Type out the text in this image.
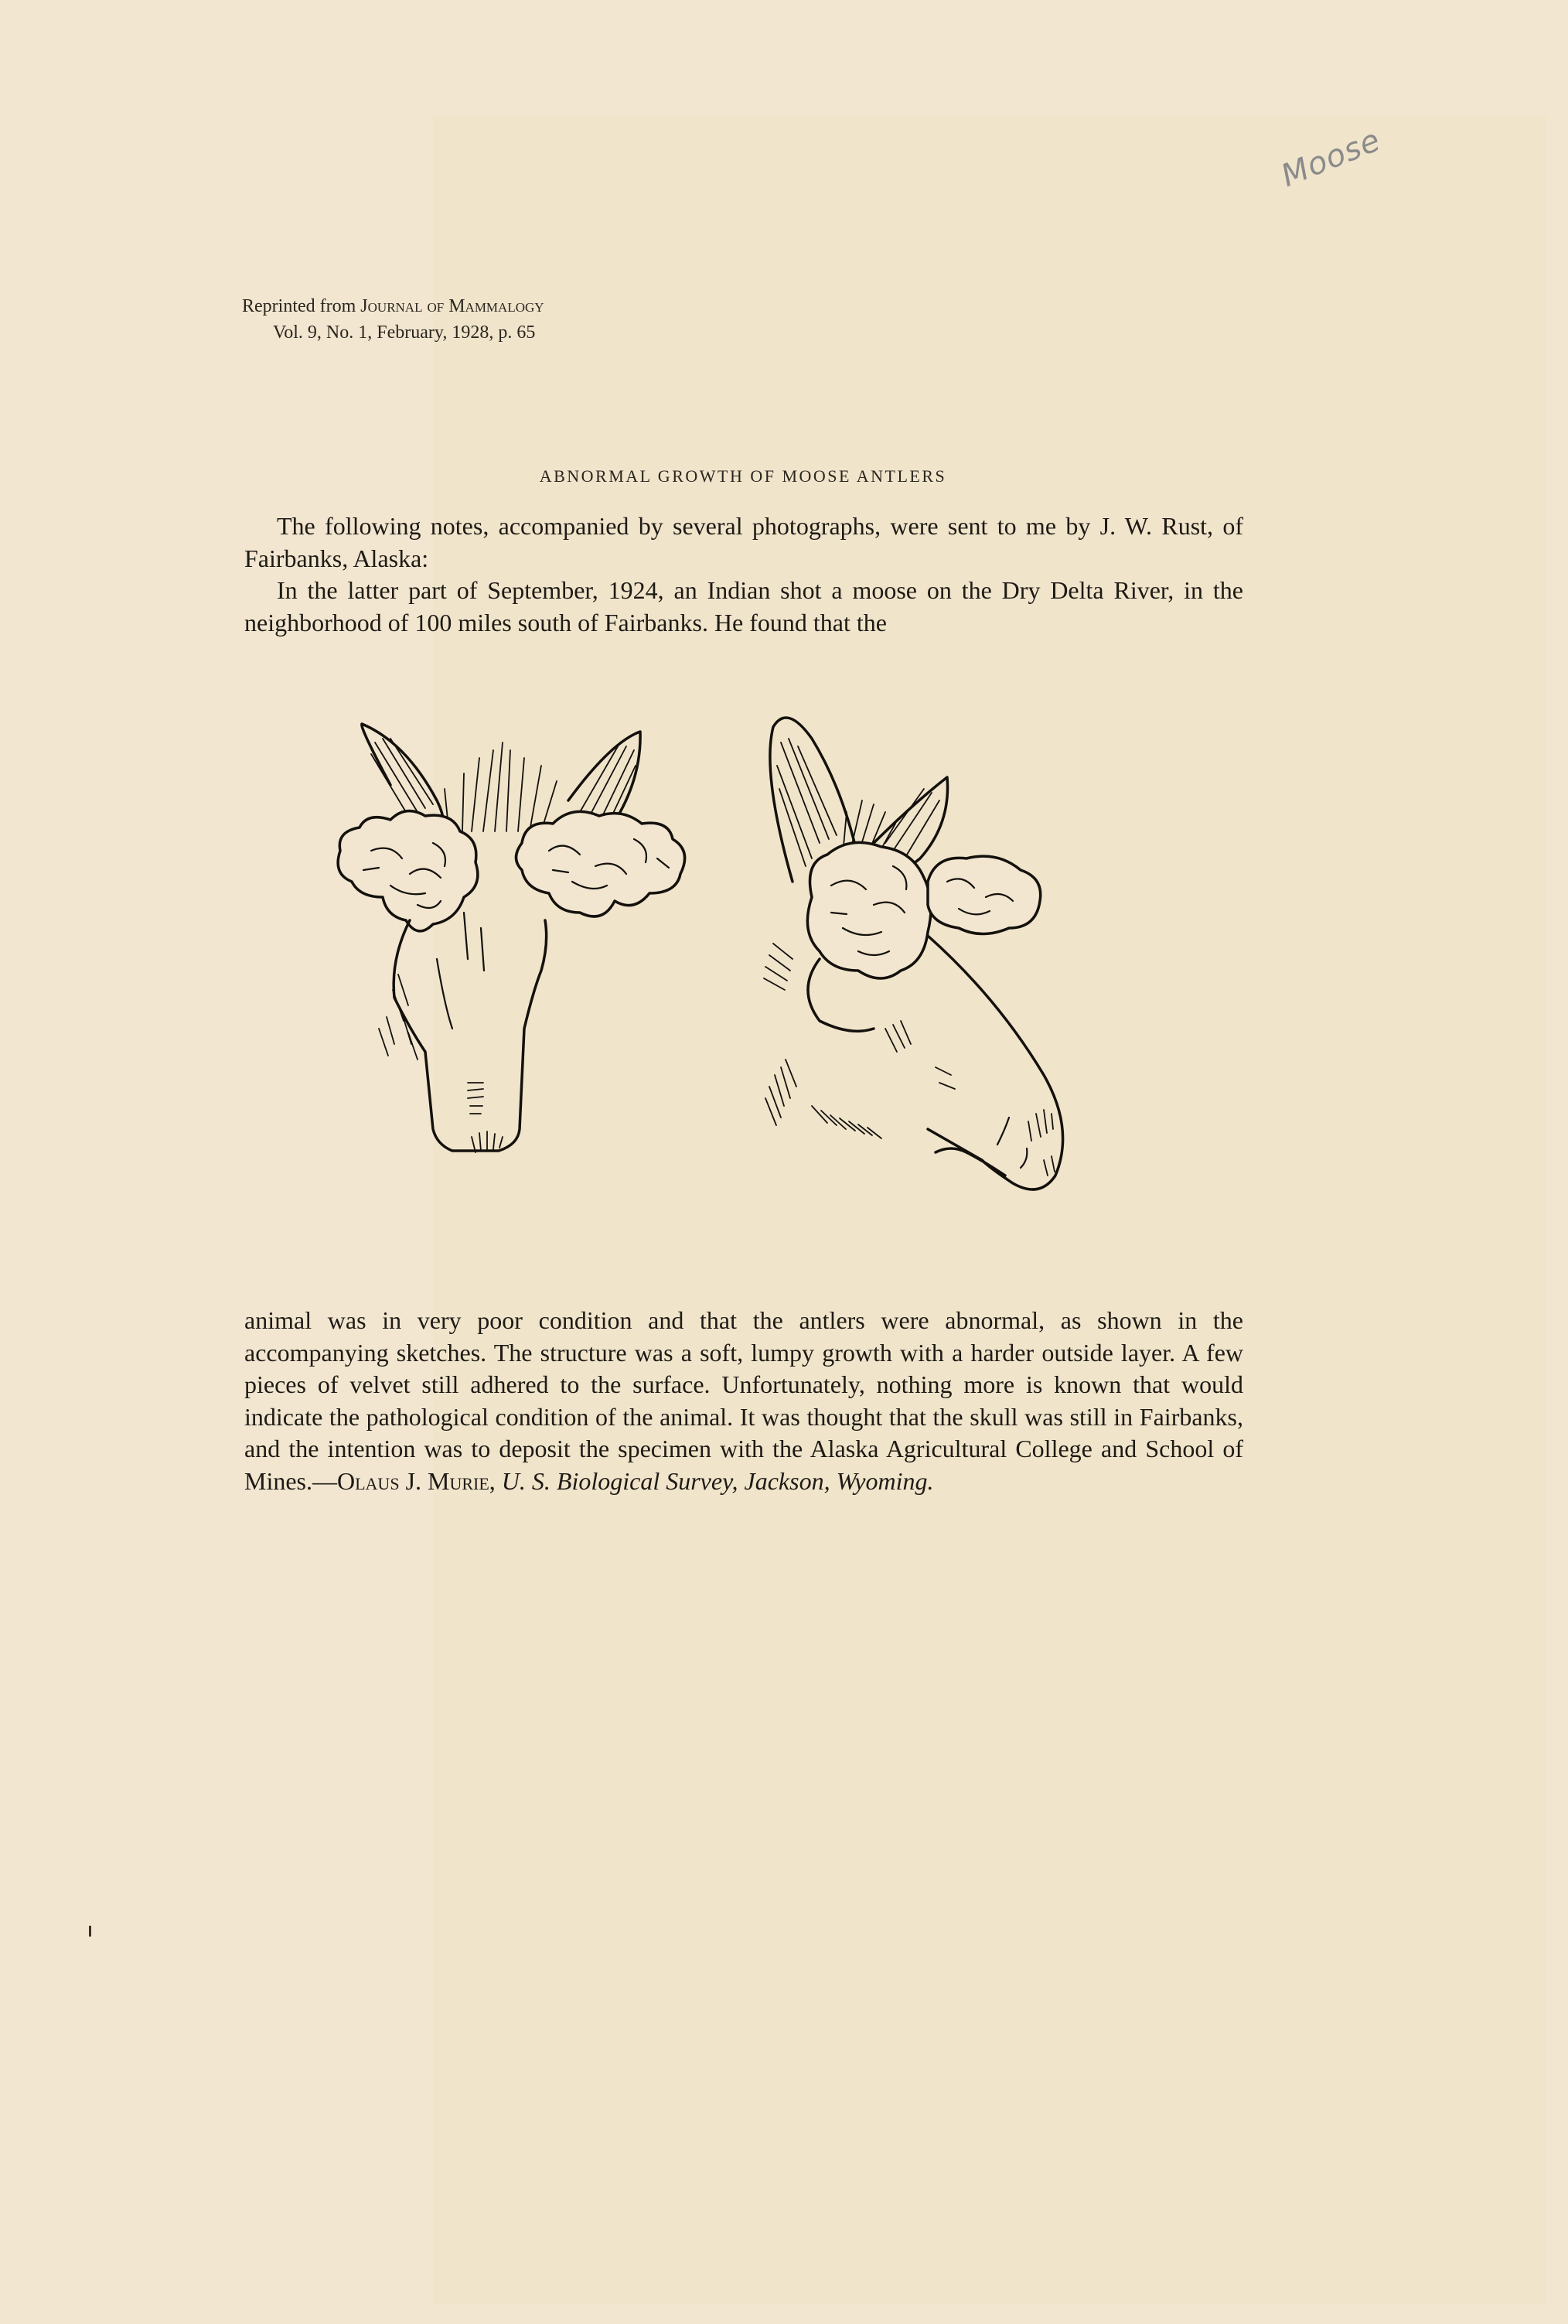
Moose
Reprinted from Journal of Mammalogy
Vol. 9, No. 1, February, 1928, p. 65
ABNORMAL GROWTH OF MOOSE ANTLERS

The following notes, accompanied by several photographs, were sent to me by J. W. Rust, of Fairbanks, Alaska:

In the latter part of September, 1924, an Indian shot a moose on the Dry Delta River, in the neighborhood of 100 miles south of Fairbanks. He found that the

animal was in very poor condition and that the antlers were abnormal, as shown in the accompanying sketches. The structure was a soft, lumpy growth with a harder outside layer. A few pieces of velvet still adhered to the surface. Unfortunately, nothing more is known that would indicate the pathological condition of the animal. It was thought that the skull was still in Fairbanks, and the intention was to deposit the specimen with the Alaska Agricultural College and School of Mines.—Olaus J. Murie, U. S. Biological Survey, Jackson, Wyoming.
